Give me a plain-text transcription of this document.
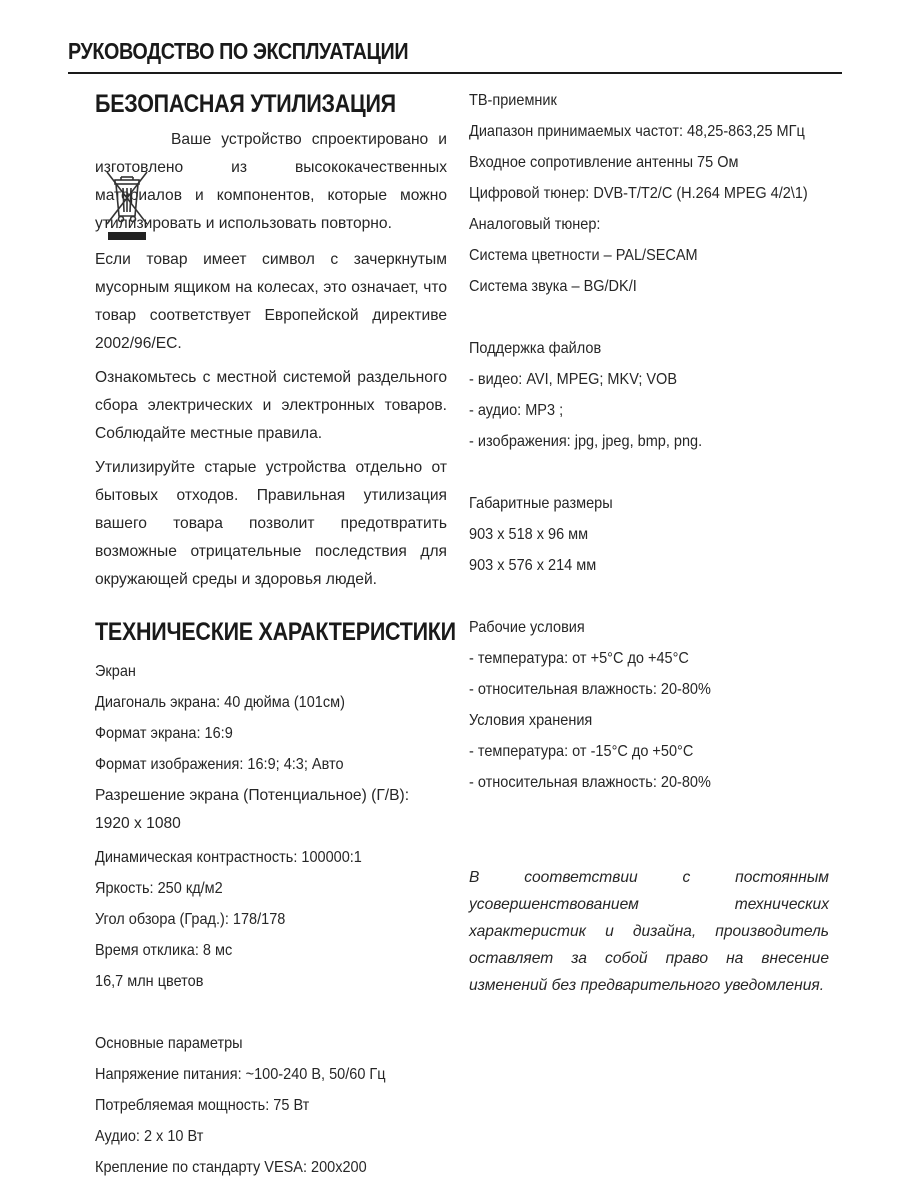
РУКОВОДСТВО ПО ЭКСПЛУАТАЦИИ
БЕЗОПАСНАЯ УТИЛИЗАЦИЯ

Ваше устройство спроектировано и изготовлено из высококачественных материалов и компонентов, которые можно утилизировать и использовать повторно.

Если товар имеет символ с зачеркнутым мусорным ящиком на колесах, это означает, что товар соответствует Европейской директиве 2002/96/EC.

Ознакомьтесь с местной системой раздельного сбора электрических и электронных товаров. Соблюдайте местные правила.

Утилизируйте старые устройства отдельно от бытовых отходов. Правильная утилизация вашего товара позволит предотвратить возможные отрицательные последствия для окружающей среды и здоровья людей.

ТЕХНИЧЕСКИЕ ХАРАКТЕРИСТИКИ
Экран
Диагональ экрана: 40 дюйма (101см)
Формат экрана: 16:9
Формат изображения: 16:9; 4:3; Авто
Разрешение экрана (Потенциальное) (Г/В): 1920 х 1080
Динамическая контрастность: 100000:1
Яркость: 250 кд/м2
Угол обзора (Град.): 178/178
Время отклика: 8 мс
16,7 млн цветов
Основные параметры
Напряжение питания: ~100-240 В, 50/60 Гц
Потребляемая мощность: 75 Вт
Аудио: 2 х 10 Вт
Крепление по стандарту VESA: 200х200
ТВ-приемник
Диапазон принимаемых частот: 48,25-863,25 МГц
Входное сопротивление антенны 75 Ом
Цифровой тюнер: DVB-T/T2/C (H.264 MPEG 4/2\1)
Аналоговый тюнер:
Система цветности – PAL/SECAM
Система звука – BG/DK/I
Поддержка файлов
- видео: AVI, MPEG; MKV; VOB
- аудио: MP3 ;
- изображения: jpg, jpeg, bmp, png.
Габаритные размеры
903 x 518 x 96 мм
903 x 576 x 214 мм
Рабочие условия
- температура: от +5°С до +45°С
- относительная влажность: 20-80%
Условия хранения
- температура: от -15°С до +50°С
- относительная влажность: 20-80%

В соответствии с постоянным усовершенствованием технических характеристик и дизайна, производитель оставляет за собой право на внесение изменений без предварительного уведомления.
